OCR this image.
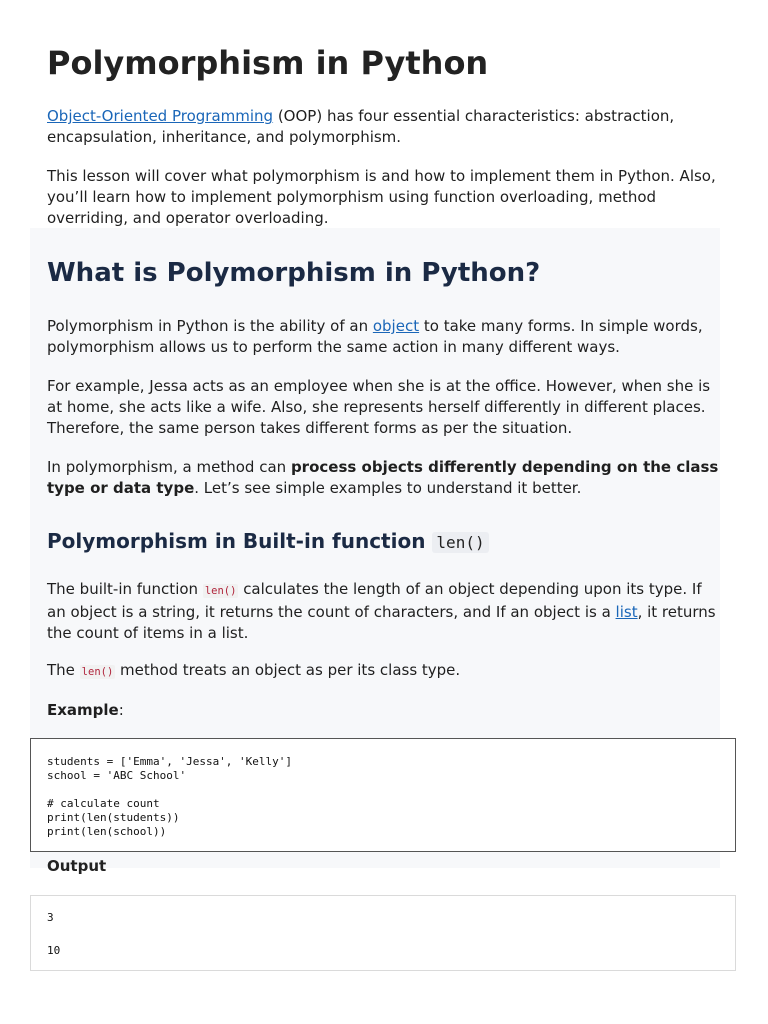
Polymorphism in Python

Object-Oriented Programming (OOP) has four essential characteristics: abstraction, encapsulation, inheritance, and polymorphism.

This lesson will cover what polymorphism is and how to implement them in Python. Also, you’ll learn how to implement polymorphism using function overloading, method overriding, and operator overloading.

What is Polymorphism in Python?

Polymorphism in Python is the ability of an object to take many forms. In simple words, polymorphism allows us to perform the same action in many different ways.

For example, Jessa acts as an employee when she is at the office. However, when she is at home, she acts like a wife. Also, she represents herself differently in different places. Therefore, the same person takes different forms as per the situation.

In polymorphism, a method can process objects differently depending on the class type or data type. Let’s see simple examples to understand it better.

Polymorphism in Built-in function len()

The built-in function len() calculates the length of an object depending upon its type. If an object is a string, it returns the count of characters, and If an object is a list, it returns the count of items in a list.

The len() method treats an object as per its class type.

Example:

students = ['Emma', 'Jessa', 'Kelly']
school = 'ABC School'

# calculate count
print(len(students))
print(len(school))
Output
3

10
